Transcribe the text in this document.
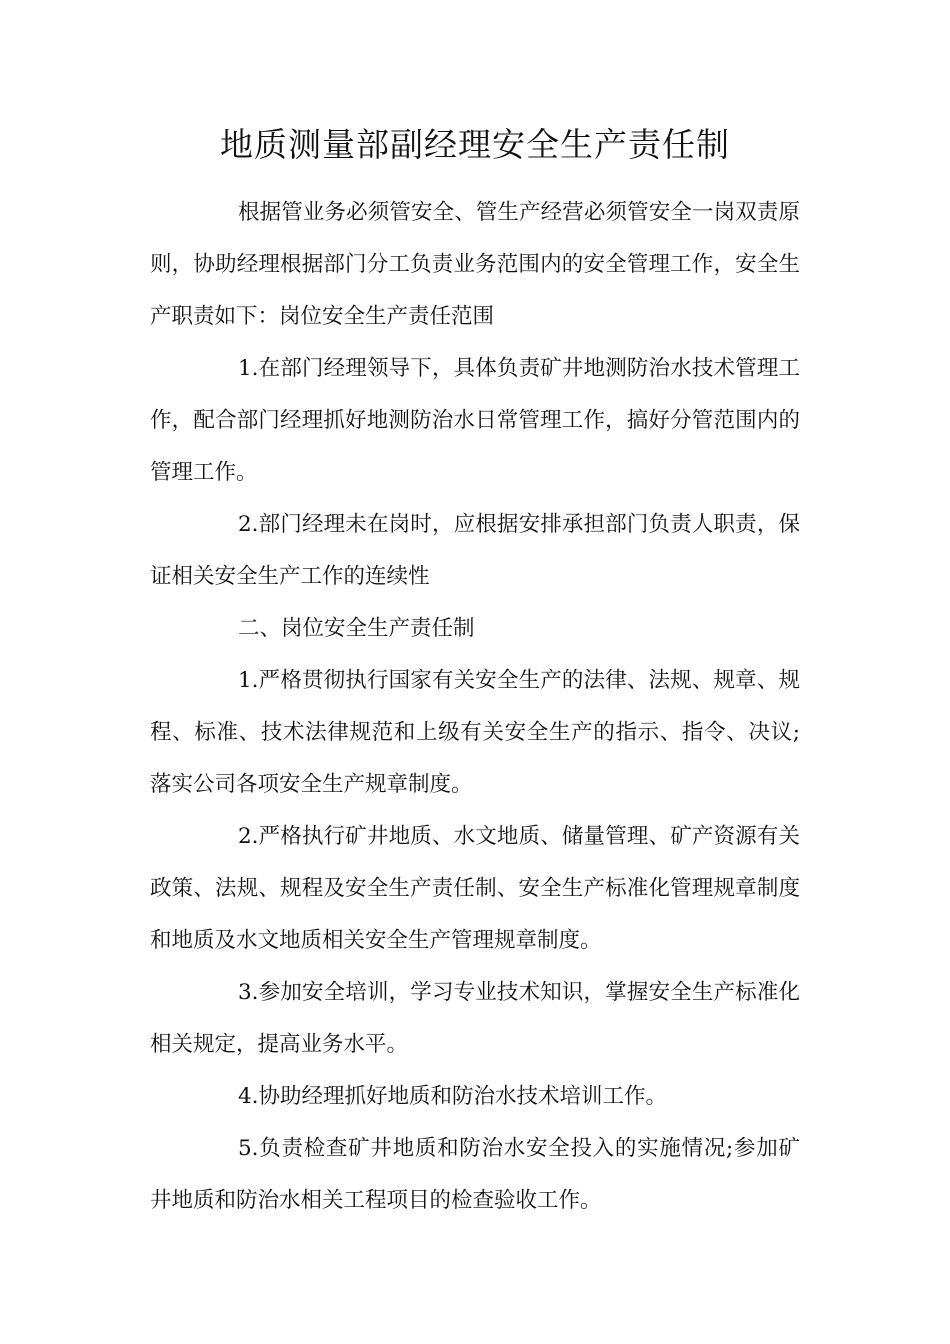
地质测量部副经理安全生产责任制

根据管业务必须管安全、管生产经营必须管安全一岗双责原则，协助经理根据部门分工负责业务范围内的安全管理工作，安全生产职责如下：岗位安全生产责任范围

1.在部门经理领导下，具体负责矿井地测防治水技术管理工作，配合部门经理抓好地测防治水日常管理工作，搞好分管范围内的管理工作。

2.部门经理未在岗时，应根据安排承担部门负责人职责，保证相关安全生产工作的连续性

二、岗位安全生产责任制

1.严格贯彻执行国家有关安全生产的法律、法规、规章、规程、标准、技术法律规范和上级有关安全生产的指示、指令、决议;落实公司各项安全生产规章制度。

2.严格执行矿井地质、水文地质、储量管理、矿产资源有关政策、法规、规程及安全生产责任制、安全生产标准化管理规章制度和地质及水文地质相关安全生产管理规章制度。

3.参加安全培训，学习专业技术知识，掌握安全生产标准化相关规定，提高业务水平。

4.协助经理抓好地质和防治水技术培训工作。

5.负责检查矿井地质和防治水安全投入的实施情况;参加矿井地质和防治水相关工程项目的检查验收工作。
